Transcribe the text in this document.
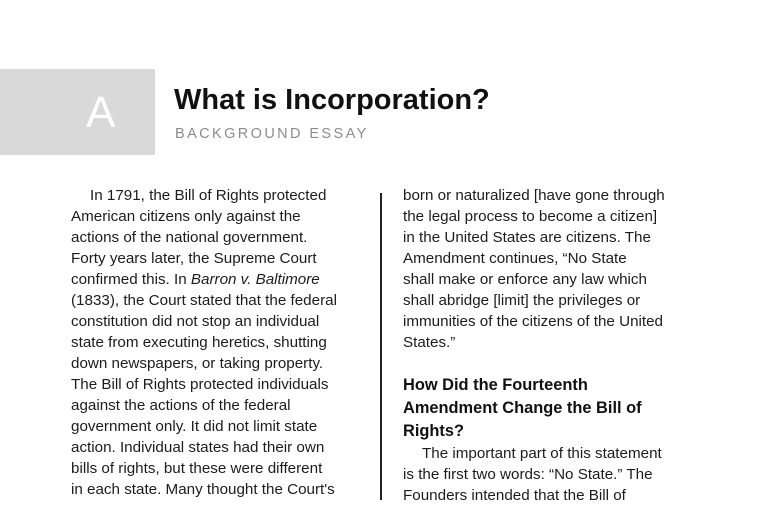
A What is Incorporation?
BACKGROUND ESSAY

In 1791, the Bill of Rights protected
American citizens only against the
actions of the national government.
Forty years later, the Supreme Court
confirmed this. In Barron v. Baltimore
(1833), the Court stated that the federal
constitution did not stop an individual
state from executing heretics, shutting
down newspapers, or taking property.
The Bill of Rights protected individuals
against the actions of the federal
government only. It did not limit state
action. Individual states had their own
bills of rights, but these were different
in each state. Many thought the Court's

born or naturalized [have gone through
the legal process to become a citizen]
in the United States are citizens. The
Amendment continues, “No State
shall make or enforce any law which
shall abridge [limit] the privileges or
immunities of the citizens of the United
States.”

How Did the Fourteenth
Amendment Change the Bill of
Rights?

The important part of this statement
is the first two words: “No State.” The
Founders intended that the Bill of
